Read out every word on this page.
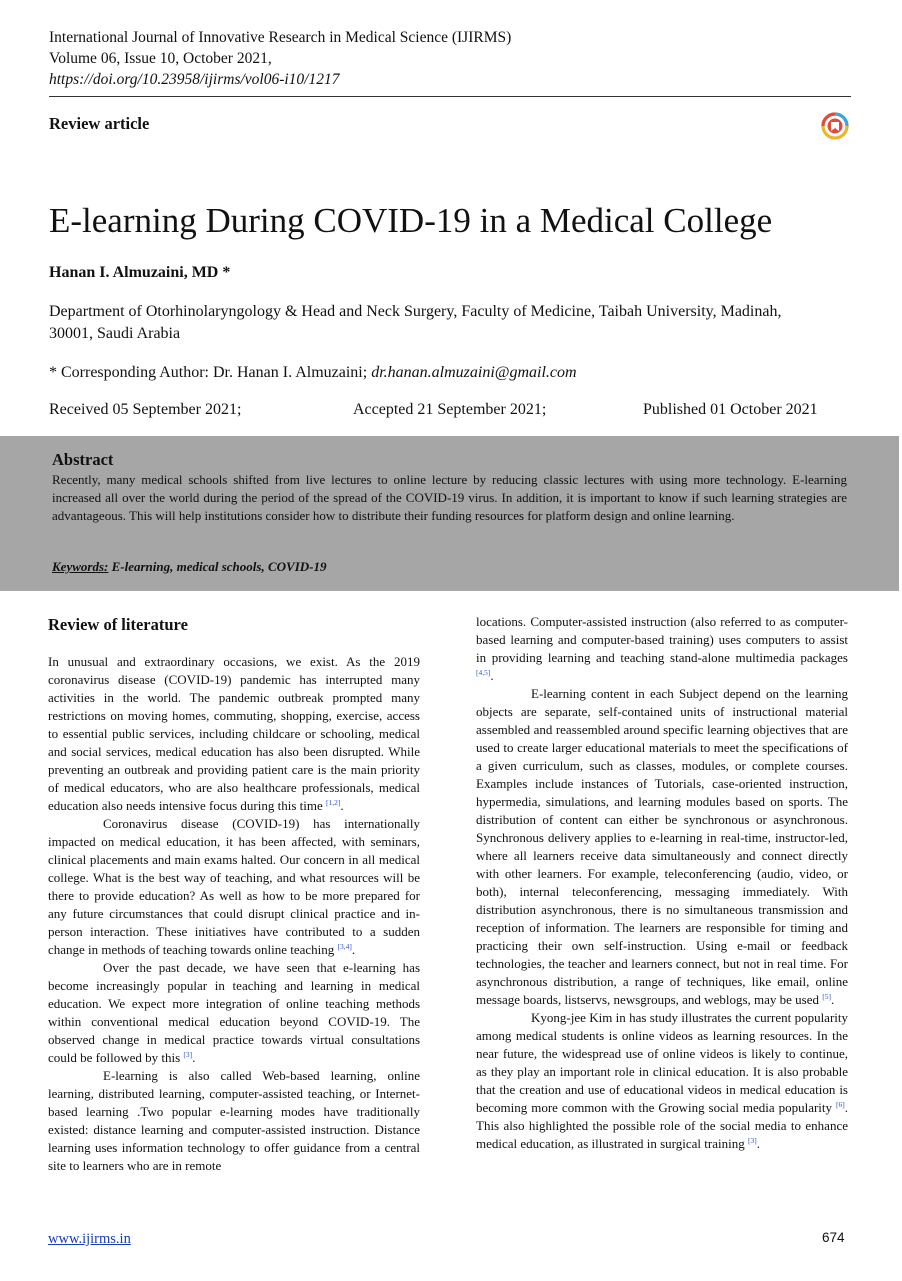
International Journal of Innovative Research in Medical Science (IJIRMS)
Volume 06, Issue 10, October 2021,
https://doi.org/10.23958/ijirms/vol06-i10/1217
Review article
E-learning During COVID-19 in a Medical College
Hanan I. Almuzaini, MD *
Department of Otorhinolaryngology & Head and Neck Surgery, Faculty of Medicine, Taibah University, Madinah, 30001, Saudi Arabia
* Corresponding Author: Dr. Hanan I. Almuzaini; dr.hanan.almuzaini@gmail.com
Received 05 September 2021;	Accepted 21 September 2021;	Published 01 October 2021
Abstract
Recently, many medical schools shifted from live lectures to online lecture by reducing classic lectures with using more technology. E-learning increased all over the world during the period of the spread of the COVID-19 virus. In addition, it is important to know if such learning strategies are advantageous. This will help institutions consider how to distribute their funding resources for platform design and online learning.
Keywords: E-learning, medical schools, COVID-19
Review of literature

In unusual and extraordinary occasions, we exist. As the 2019 coronavirus disease (COVID-19) pandemic has interrupted many activities in the world. The pandemic outbreak prompted many restrictions on moving homes, commuting, shopping, exercise, access to essential public services, including childcare or schooling, medical and social services, medical education has also been disrupted. While preventing an outbreak and providing patient care is the main priority of medical educators, who are also healthcare professionals, medical education also needs intensive focus during this time [1,2].

Coronavirus disease (COVID-19) has internationally impacted on medical education, it has been affected, with seminars, clinical placements and main exams halted. Our concern in all medical college. What is the best way of teaching, and what resources will be there to provide education? As well as how to be more prepared for any future circumstances that could disrupt clinical practice and in-person interaction. These initiatives have contributed to a sudden change in methods of teaching towards online teaching [3,4].

Over the past decade, we have seen that e-learning has become increasingly popular in teaching and learning in medical education. We expect more integration of online teaching methods within conventional medical education beyond COVID-19. The observed change in medical practice towards virtual consultations could be followed by this [3].

E-learning is also called Web-based learning, online learning, distributed learning, computer-assisted teaching, or Internet-based learning .Two popular e-learning modes have traditionally existed: distance learning and computer-assisted instruction. Distance learning uses information technology to offer guidance from a central site to learners who are in remote

locations. Computer-assisted instruction (also referred to as computer-based learning and computer-based training) uses computers to assist in providing learning and teaching stand-alone multimedia packages [4,5].

E-learning content in each Subject depend on the learning objects are separate, self-contained units of instructional material assembled and reassembled around specific learning objectives that are used to create larger educational materials to meet the specifications of a given curriculum, such as classes, modules, or complete courses. Examples include instances of Tutorials, case-oriented instruction, hypermedia, simulations, and learning modules based on sports. The distribution of content can either be synchronous or asynchronous. Synchronous delivery applies to e-learning in real-time, instructor-led, where all learners receive data simultaneously and connect directly with other learners. For example, teleconferencing (audio, video, or both), internal teleconferencing, messaging immediately. With distribution asynchronous, there is no simultaneous transmission and reception of information. The learners are responsible for timing and practicing their own self-instruction. Using e-mail or feedback technologies, the teacher and learners connect, but not in real time. For asynchronous distribution, a range of techniques, like email, online message boards, listservs, newsgroups, and weblogs, may be used [5].

Kyong-jee Kim in has study illustrates the current popularity among medical students is online videos as learning resources. In the near future, the widespread use of online videos is likely to continue, as they play an important role in clinical education. It is also probable that the creation and use of educational videos in medical education is becoming more common with the Growing social media popularity [6]. This also highlighted the possible role of the social media to enhance medical education, as illustrated in surgical training [3].

www.ijirms.in	674
